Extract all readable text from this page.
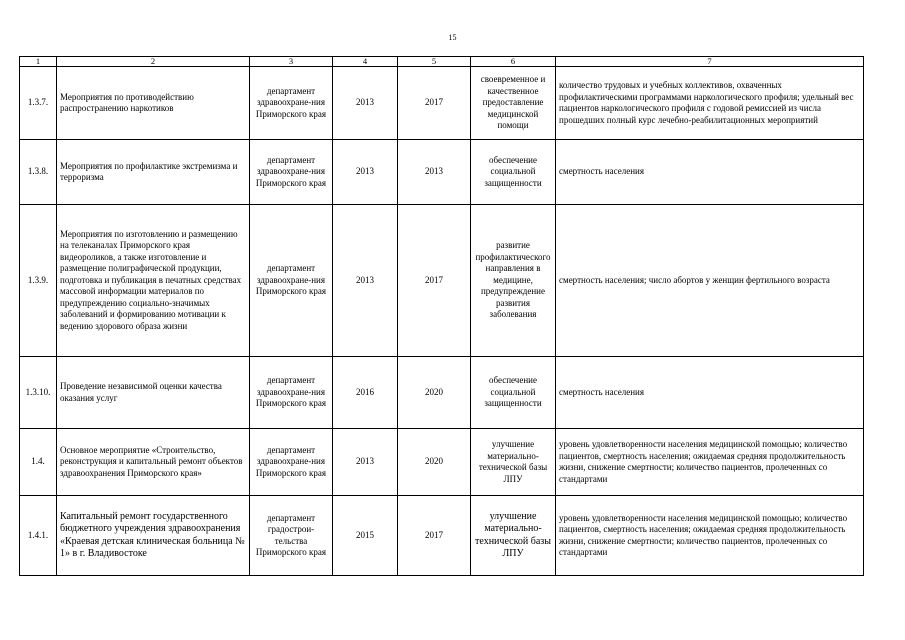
15
1	2	3	4	5	6	7
1.3.7.	Мероприятия по противодействию распространению наркотиков	департамент здравоохране-ния Приморского края	2013	2017	своевременное и качественное предоставление медицинской помощи	количество трудовых и учебных коллективов, охваченных профилактическими программами наркологического профиля; удельный вес пациентов наркологического профиля с годовой ремиссией из числа прошедших полный курс лечебно-реабилитационных мероприятий
1.3.8.	Мероприятия по профилактике экстремизма и терроризма	департамент здравоохране-ния Приморского края	2013	2013	обеспечение социальной защищенности	смертность населения
1.3.9.	Мероприятия по изготовлению и размещению на телеканалах Приморского края видеороликов, а также изготовление и размещение полиграфической продукции, подготовка и публикация в печатных средствах массовой информации материалов по предупреждению социально-значимых заболеваний и формированию мотивации к ведению здорового образа жизни	департамент здравоохране-ния Приморского края	2013	2017	развитие профилактического направления в медицине, предупреждение развития заболевания	смертность населения; число абортов у женщин фертильного возраста
1.3.10.	Проведение независимой оценки качества оказания услуг	департамент здравоохране-ния Приморского края	2016	2020	обеспечение социальной защищенности	смертность населения
1.4.	Основное мероприятие «Строительство, реконструкция и капитальный ремонт объектов здравоохранения Приморского края»	департамент здравоохране-ния Приморского края	2013	2020	улучшение материально-технической базы ЛПУ	уровень удовлетворенности населения медицинской помощью; количество пациентов, смертность населения; ожидаемая средняя продолжительность жизни, снижение смертности; количество пациентов, пролеченных со стандартами
1.4.1.	Капитальный ремонт государственного бюджетного учреждения здравоохранения «Краевая детская клиническая больница № 1» в г. Владивостоке	департамент градострои-тельства Приморского края	2015	2017	улучшение материально-технической базы ЛПУ	уровень удовлетворенности населения медицинской помощью; количество пациентов, смертность населения; ожидаемая средняя продолжительность жизни, снижение смертности; количество пациентов, пролеченных со стандартами
